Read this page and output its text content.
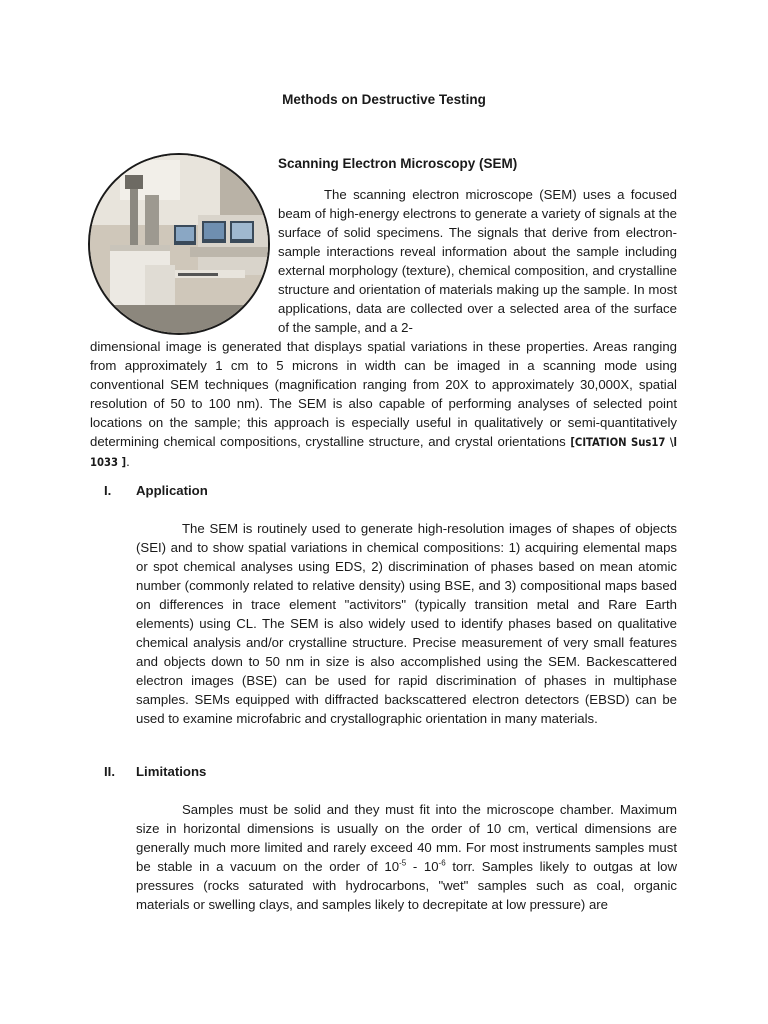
Methods on Destructive Testing
Scanning Electron Microscopy (SEM)

The scanning electron microscope (SEM) uses a focused beam of high-energy electrons to generate a variety of signals at the surface of solid specimens. The signals that derive from electron-sample interactions reveal information about the sample including external morphology (texture), chemical composition, and crystalline structure and orientation of materials making up the sample. In most applications, data are collected over a selected area of the surface of the sample, and a 2-

dimensional image is generated that displays spatial variations in these properties. Areas ranging from approximately 1 cm to 5 microns in width can be imaged in a scanning mode using conventional SEM techniques (magnification ranging from 20X to approximately 30,000X, spatial resolution of 50 to 100 nm). The SEM is also capable of performing analyses of selected point locations on the sample; this approach is especially useful in qualitatively or semi-quantitatively determining chemical compositions, crystalline structure, and crystal orientations [CITATION Sus17 \l 1033 ].

I. Application

The SEM is routinely used to generate high-resolution images of shapes of objects (SEI) and to show spatial variations in chemical compositions: 1) acquiring elemental maps or spot chemical analyses using EDS, 2) discrimination of phases based on mean atomic number (commonly related to relative density) using BSE, and 3) compositional maps based on differences in trace element "activitors" (typically transition metal and Rare Earth elements) using CL. The SEM is also widely used to identify phases based on qualitative chemical analysis and/or crystalline structure. Precise measurement of very small features and objects down to 50 nm in size is also accomplished using the SEM. Backescattered electron images (BSE) can be used for rapid discrimination of phases in multiphase samples. SEMs equipped with diffracted backscattered electron detectors (EBSD) can be used to examine microfabric and crystallographic orientation in many materials.

II. Limitations

Samples must be solid and they must fit into the microscope chamber. Maximum size in horizontal dimensions is usually on the order of 10 cm, vertical dimensions are generally much more limited and rarely exceed 40 mm. For most instruments samples must be stable in a vacuum on the order of $10^{-5} - 10^{-6}$ torr. Samples likely to outgas at low pressures (rocks saturated with hydrocarbons, "wet" samples such as coal, organic materials or swelling clays, and samples likely to decrepitate at low pressure) are
